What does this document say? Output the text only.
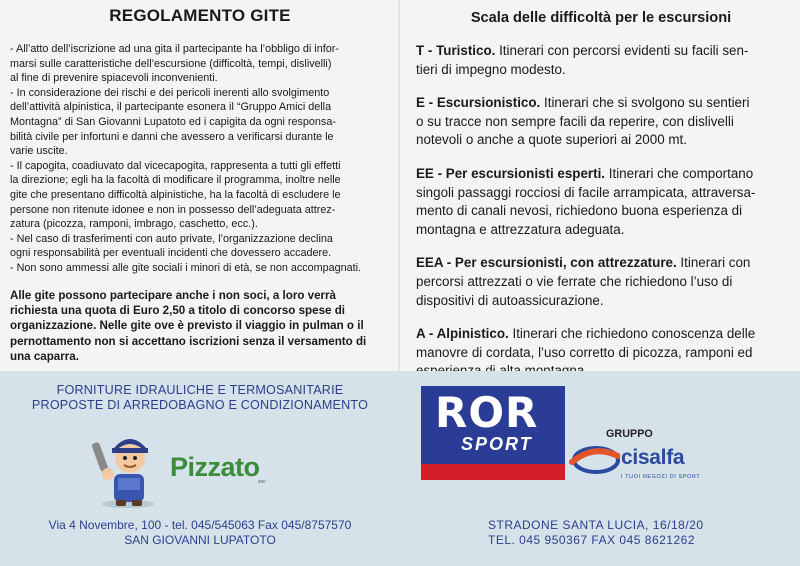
REGOLAMENTO GITE

- All’atto dell’iscrizione ad una gita il partecipante ha l’obbligo di infor-

marsi sulle caratteristiche dell’escursione (difficoltà, tempi, dislivelli)

al fine di prevenire spiacevoli inconvenienti.

- In considerazione dei rischi e dei pericoli inerenti allo svolgimento

dell’attività alpinistica, il partecipante esonera il “Gruppo Amici della

Montagna” di San Giovanni Lupatoto ed i capigita da ogni responsa-

bilità civile per infortuni e danni che avessero a verificarsi durante le

varie uscite.

- Il capogita, coadiuvato dal vicecapogita, rappresenta a tutti gli effetti

la direzione; egli ha la facoltà di modificare il programma, inoltre nelle

gite che presentano difficoltà alpinistiche, ha la facoltà di escludere le

persone non ritenute idonee e non in possesso dell’adeguata attrez-

zatura (picozza, ramponi, imbrago, caschetto, ecc.).

- Nel caso di trasferimenti con auto private, l’organizzazione declina

ogni responsabilità per eventuali incidenti che dovessero accadere.

- Non sono ammessi alle gite sociali i minori di età, se non accompagnati.

Alle gite possono partecipare anche i non soci, a loro verrà
richiesta una quota di Euro 2,50 a titolo di concorso spese di
organizzazione. Nelle gite ove è previsto il viaggio in pulman o il
pernottamento non si accettano iscrizioni senza il versamento di
una caparra.
Scala delle difficoltà per le escursioni
T - Turistico. Itinerari con percorsi evidenti su facili sen-
tieri di impegno modesto.
E - Escursionistico. Itinerari che si svolgono su sentieri
o su tracce non sempre facili da reperire, con dislivelli
notevoli o anche a quote superiori ai 2000 mt.
EE - Per escursionisti esperti. Itinerari che comportano
singoli passaggi rocciosi di facile arrampicata, attraversa-
mento di canali nevosi, richiedono buona esperienza di
montagna e attrezzatura adeguata.
EEA - Per escursionisti, con attrezzature. Itinerari con
percorsi attrezzati o vie ferrate che richiedono l’uso di
dispositivi di autoassicurazione.
A - Alpinistico. Itinerari che richiedono conoscenza delle
manovre di cordata, l’uso corretto di picozza, ramponi ed

FORNITURE IDRAULICHE E TERMOSANITARIE
PROPOSTE DI ARREDOBAGNO E CONDIZIONAMENTO
Pizzato
snc
Via 4 Novembre, 100 - tel. 045/545063 Fax 045/8757570
SAN GIOVANNI LUPATOTO
ROR
SPORT	GRUPPO
cisalfa
I TUOI NEGOZI DI SPORT
STRADONE SANTA LUCIA, 16/18/20
TEL. 045 950367 FAX 045 8621262
